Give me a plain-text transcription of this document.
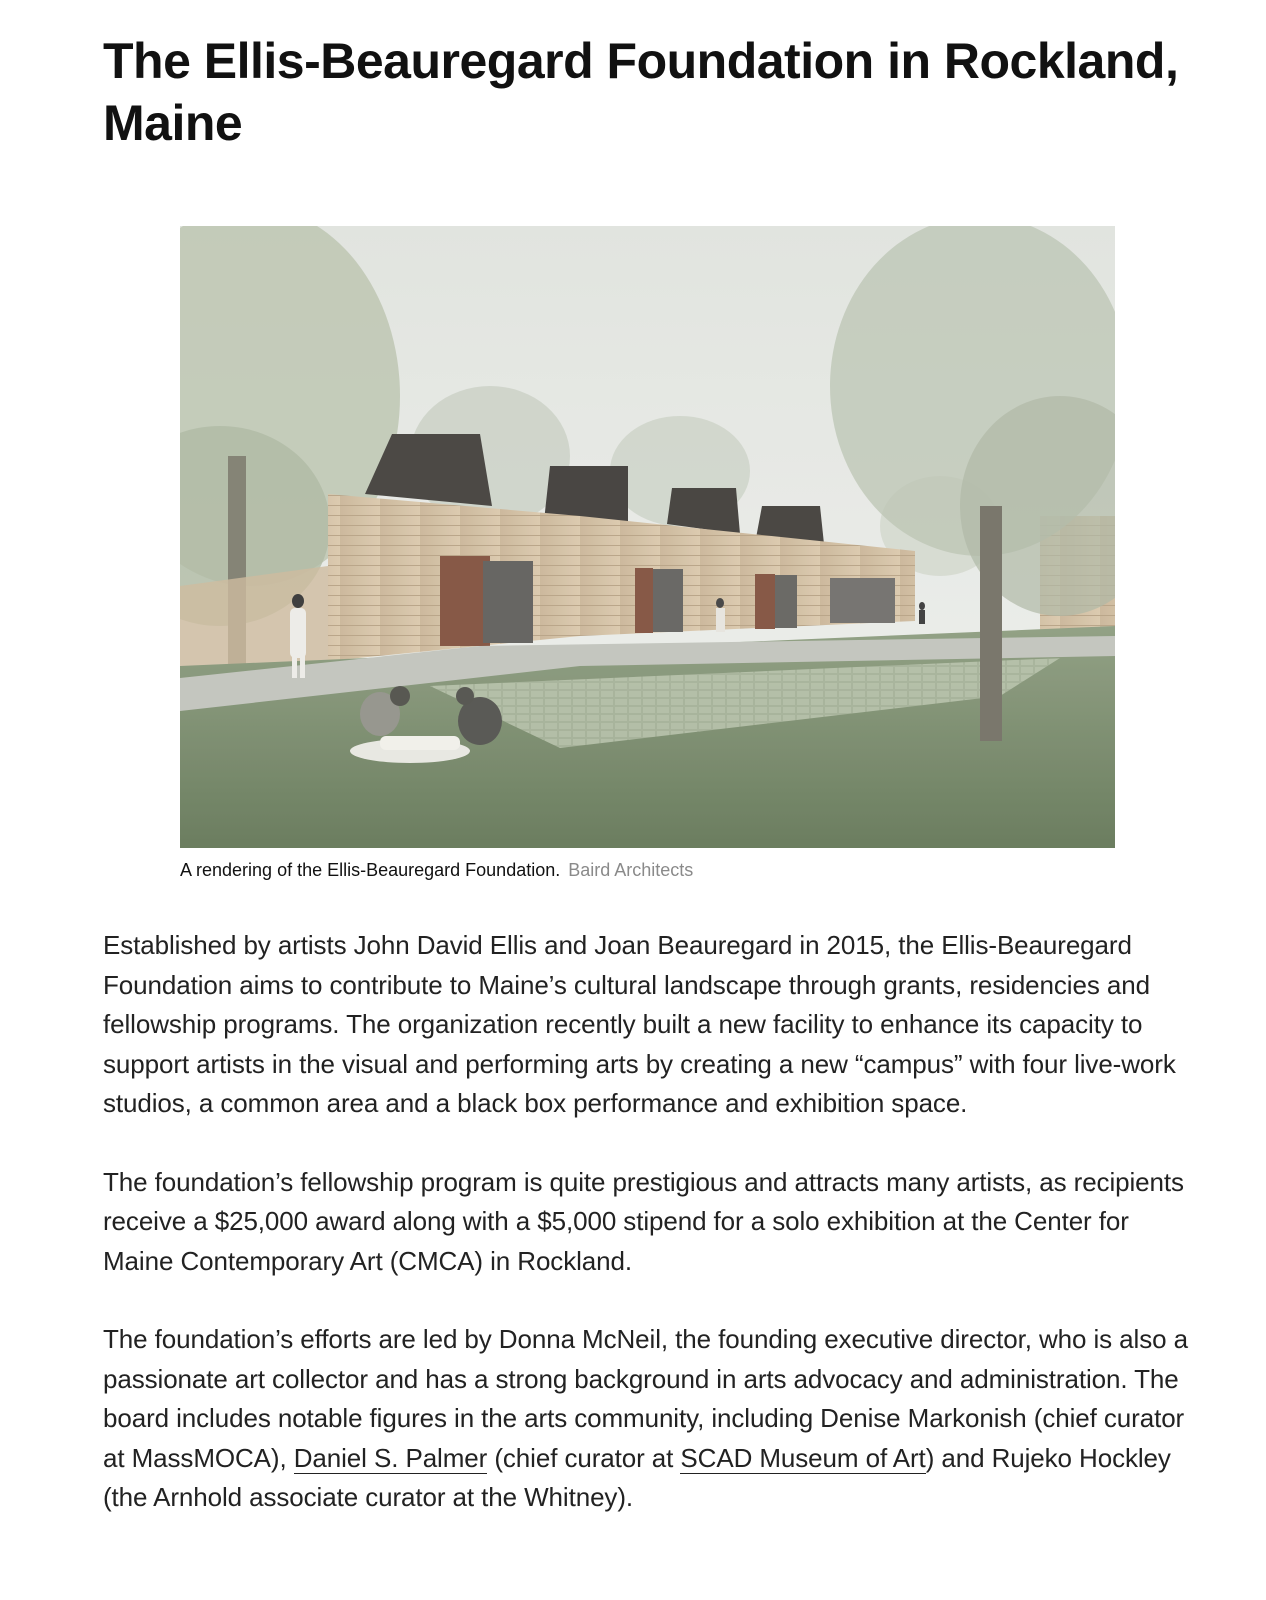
The Ellis-Beauregard Foundation in Rockland, Maine
A rendering of the Ellis-Beauregard Foundation. Baird Architects

Established by artists John David Ellis and Joan Beauregard in 2015, the Ellis-Beauregard Foundation aims to contribute to Maine’s cultural landscape through grants, residencies and fellowship programs. The organization recently built a new facility to enhance its capacity to support artists in the visual and performing arts by creating a new “campus” with four live-work studios, a common area and a black box performance and exhibition space.

The foundation’s fellowship program is quite prestigious and attracts many artists, as recipients receive a $25,000 award along with a $5,000 stipend for a solo exhibition at the Center for Maine Contemporary Art (CMCA) in Rockland.

The foundation’s efforts are led by Donna McNeil, the founding executive director, who is also a passionate art collector and has a strong background in arts advocacy and administration. The board includes notable figures in the arts community, including Denise Markonish (chief curator at MassMOCA), Daniel S. Palmer (chief curator at SCAD Museum of Art) and Rujeko Hockley (the Arnhold associate curator at the Whitney).
